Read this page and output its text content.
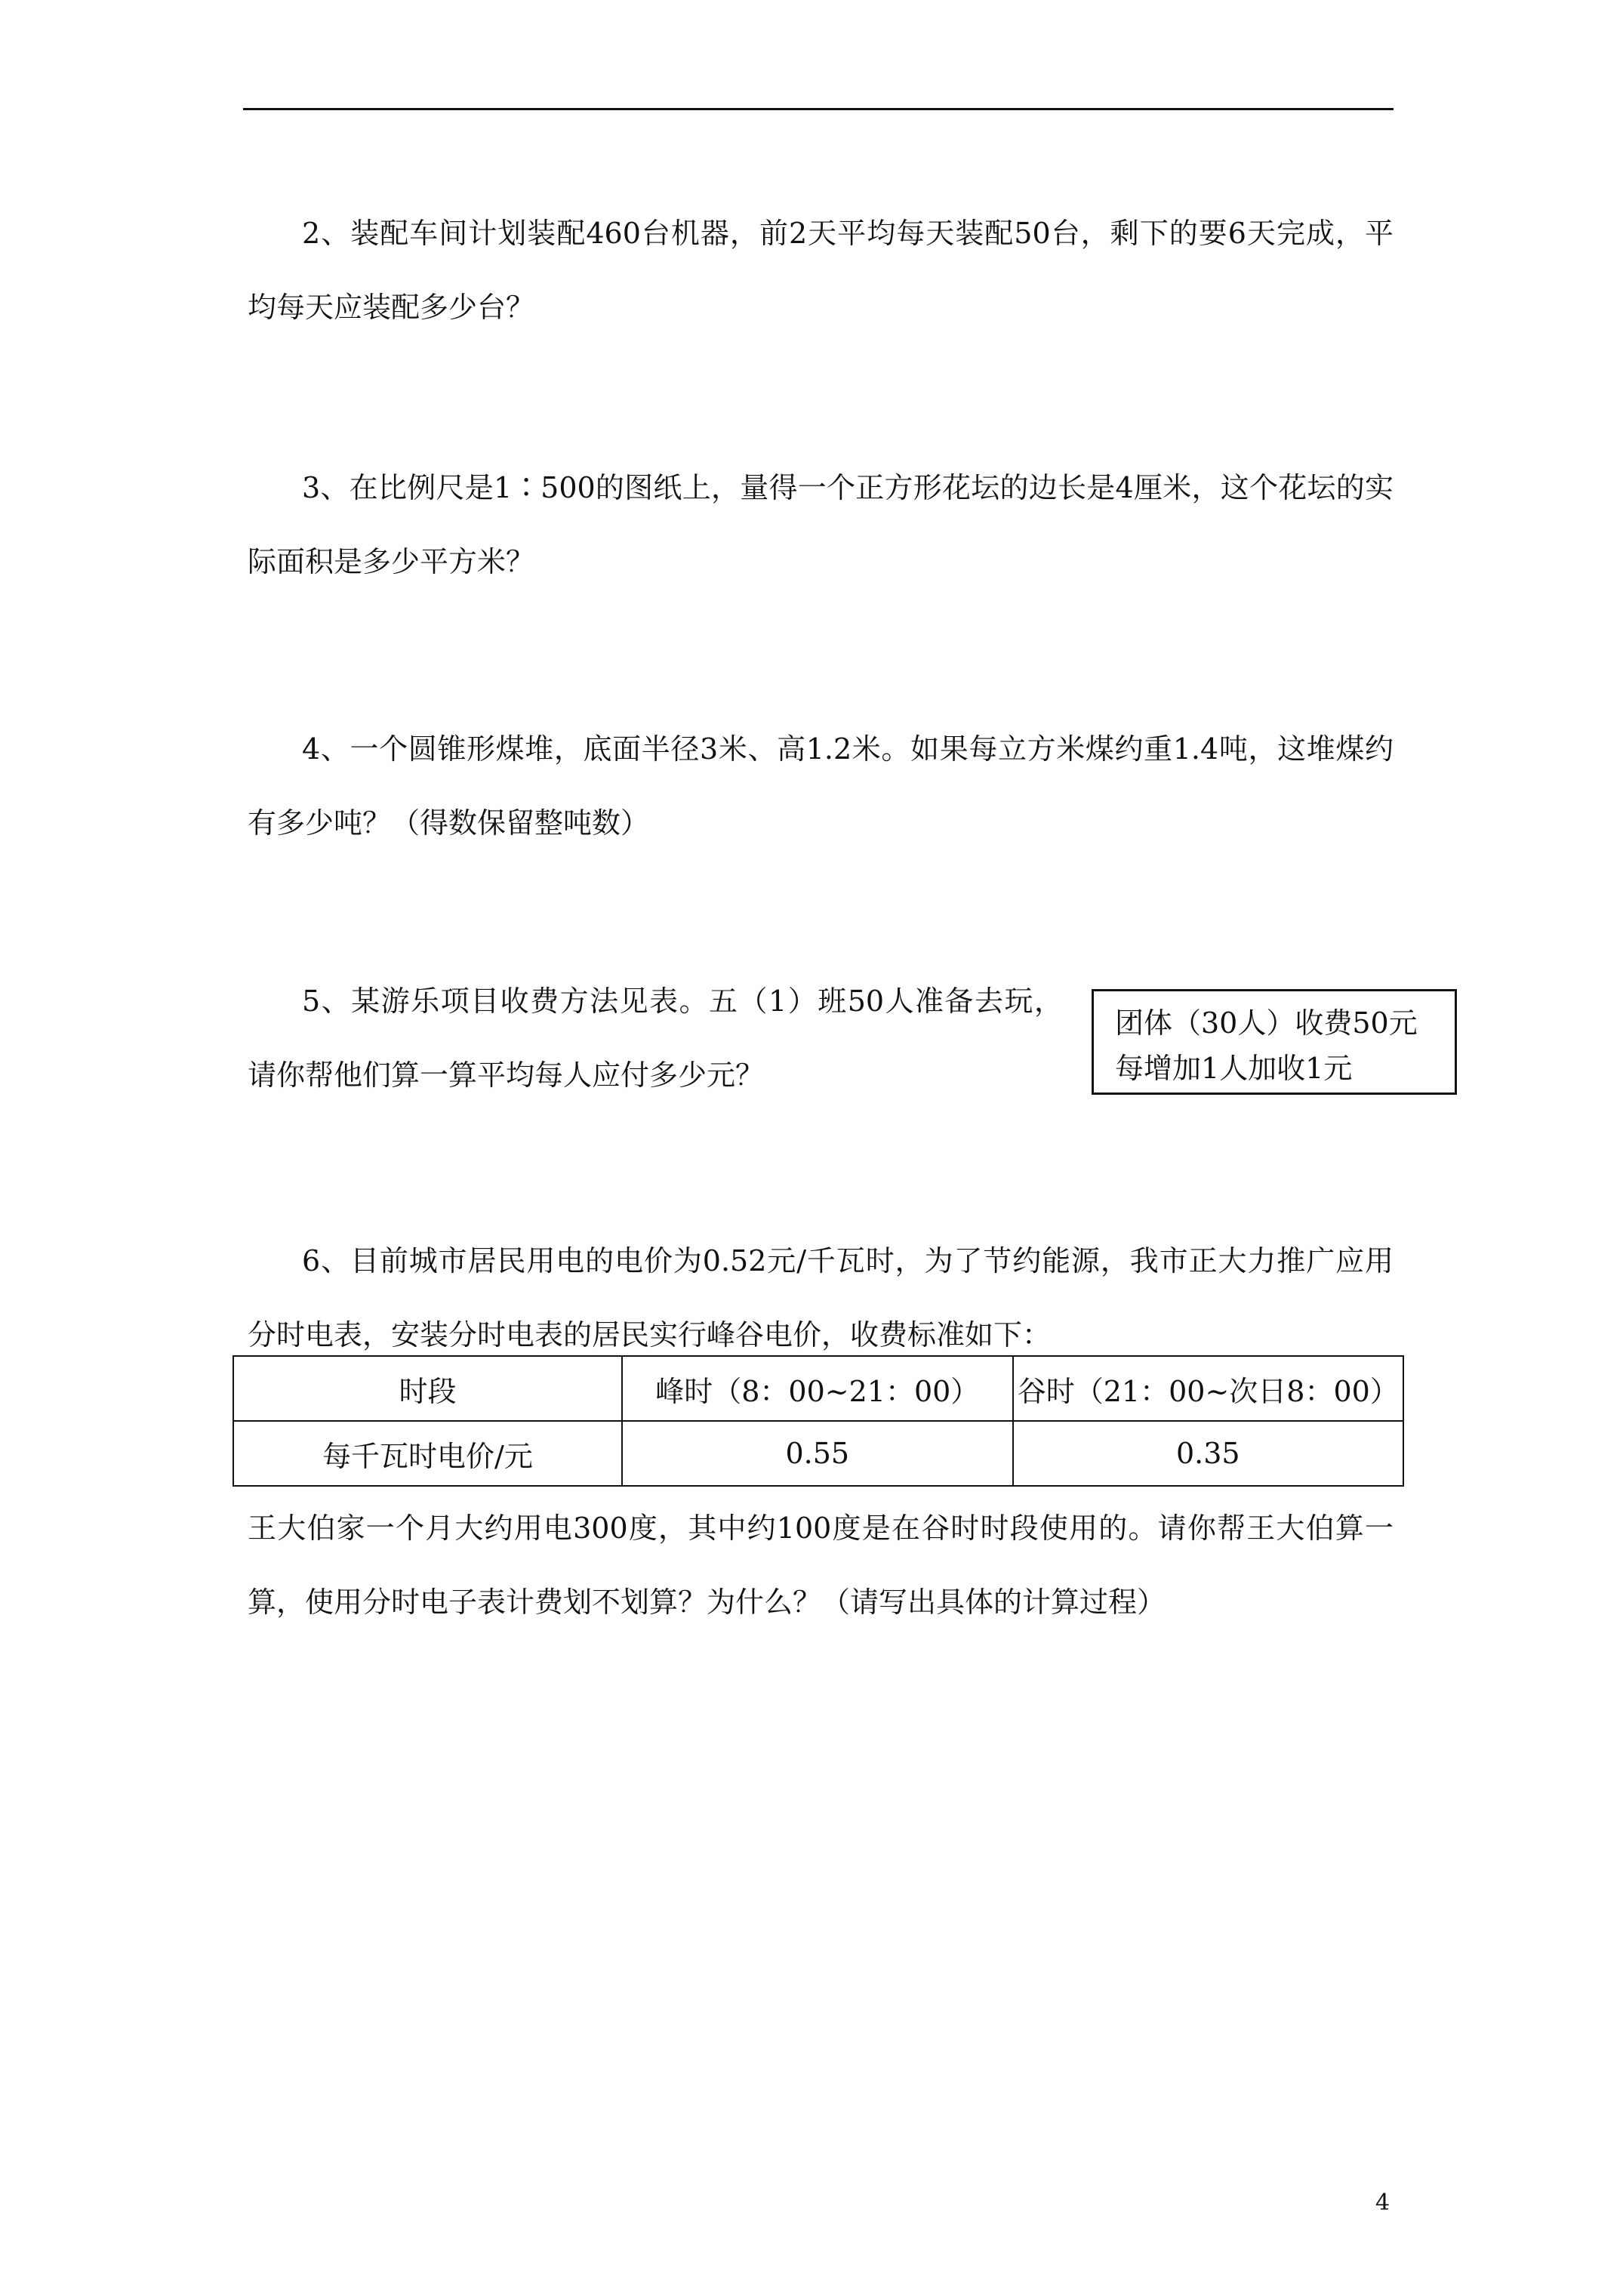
2、装配车间计划装配460台机器，前2天平均每天装配50台，剩下的要6天完成，平均每天应装配多少台？

3、在比例尺是1∶500的图纸上，量得一个正方形花坛的边长是4厘米，这个花坛的实际面积是多少平方米？

4、一个圆锥形煤堆，底面半径3米、高1.2米。如果每立方米煤约重1.4吨，这堆煤约有多少吨？（得数保留整吨数）

5、某游乐项目收费方法见表。五（1）班50人准备去玩，请你帮他们算一算平均每人应付多少元？

团体（30人）收费50元
每增加1人加收1元

6、目前城市居民用电的电价为0.52元/千瓦时，为了节约能源，我市正大力推广应用分时电表，安装分时电表的居民实行峰谷电价，收费标准如下：

时段	峰时（8：00~21：00）	谷时（21：00~次日8：00）
每千瓦时电价/元	0.55	0.35

王大伯家一个月大约用电300度，其中约100度是在谷时时段使用的。请你帮王大伯算一算，使用分时电子表计费划不划算？为什么？（请写出具体的计算过程）

4
